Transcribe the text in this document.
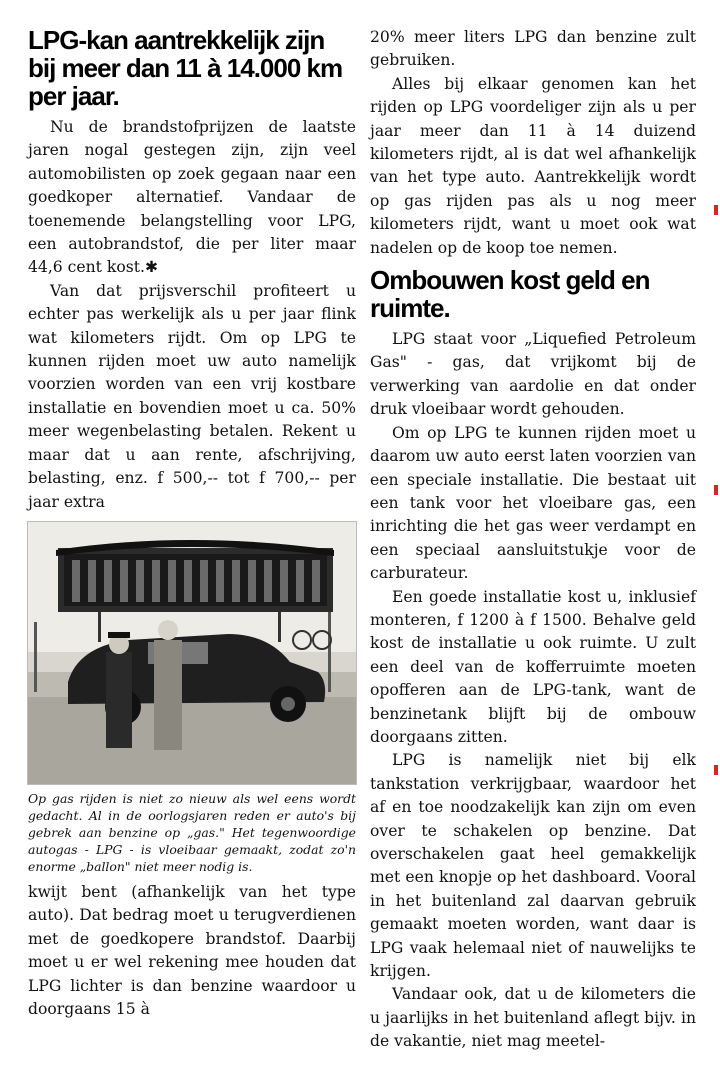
LPG-kan aantrekkelijk zijn bij meer dan 11 à 14.000 km per jaar.

Nu de brandstofprijzen de laatste jaren nogal gestegen zijn, zijn veel automobilisten op zoek gegaan naar een goedkoper alternatief. Vandaar de toenemende belangstelling voor LPG, een autobrandstof, die per liter maar 44,6 cent kost.✱

Van dat prijsverschil profiteert u echter pas werkelijk als u per jaar flink wat kilometers rijdt. Om op LPG te kunnen rijden moet uw auto namelijk voorzien worden van een vrij kostbare installatie en bovendien moet u ca. 50% meer wegenbelasting betalen. Rekent u maar dat u aan rente, afschrijving, belasting, enz. f 500,-- tot f 700,-- per jaar extra

Op gas rijden is niet zo nieuw als wel eens wordt gedacht. Al in de oorlogsjaren reden er auto's bij gebrek aan benzine op „gas." Het tegenwoordige autogas - LPG - is vloeibaar gemaakt, zodat zo'n enorme „ballon" niet meer nodig is.

kwijt bent (afhankelijk van het type auto). Dat bedrag moet u terugverdienen met de goedkopere brandstof. Daarbij moet u er wel rekening mee houden dat LPG lichter is dan benzine waardoor u doorgaans 15 à

20% meer liters LPG dan benzine zult gebruiken.

Alles bij elkaar genomen kan het rijden op LPG voordeliger zijn als u per jaar meer dan 11 à 14 duizend kilometers rijdt, al is dat wel afhankelijk van het type auto. Aantrekkelijk wordt op gas rijden pas als u nog meer kilometers rijdt, want u moet ook wat nadelen op de koop toe nemen.

Ombouwen kost geld en ruimte.

LPG staat voor „Liquefied Petroleum Gas" - gas, dat vrijkomt bij de verwerking van aardolie en dat onder druk vloeibaar wordt gehouden.

Om op LPG te kunnen rijden moet u daarom uw auto eerst laten voorzien van een speciale installatie. Die bestaat uit een tank voor het vloeibare gas, een inrichting die het gas weer verdampt en een speciaal aansluitstukje voor de carburateur.

Een goede installatie kost u, inklusief monteren, f 1200 à f 1500. Behalve geld kost de installatie u ook ruimte. U zult een deel van de kofferruimte moeten opofferen aan de LPG-tank, want de benzinetank blijft bij de ombouw doorgaans zitten.

LPG is namelijk niet bij elk tankstation verkrijgbaar, waardoor het af en toe noodzakelijk kan zijn om even over te schakelen op benzine. Dat overschakelen gaat heel gemakkelijk met een knopje op het dashboard. Vooral in het buitenland zal daarvan gebruik gemaakt moeten worden, want daar is LPG vaak helemaal niet of nauwelijks te krijgen.

Vandaar ook, dat u de kilometers die u jaarlijks in het buitenland aflegt bijv. in de vakantie, niet mag meetel-
